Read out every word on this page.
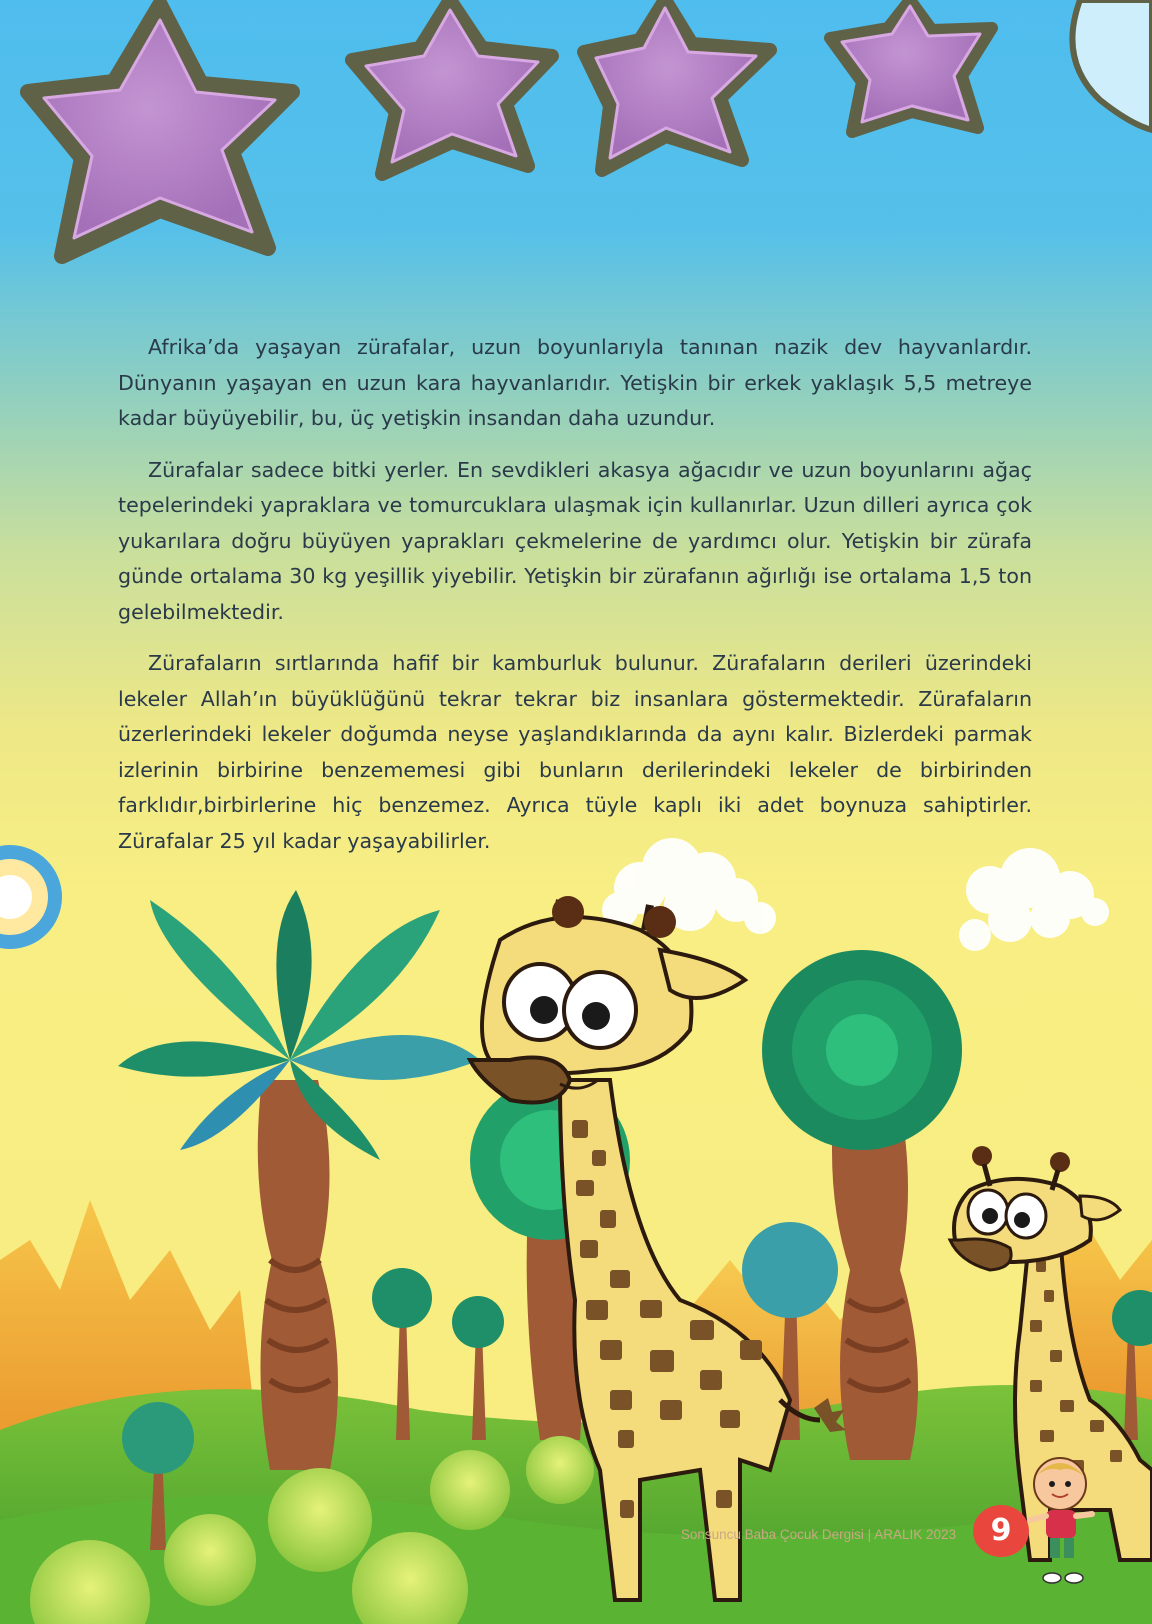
Afrika’da yaşayan zürafalar, uzun boyunlarıyla tanınan nazik dev hayvanlardır. Dünyanın yaşayan en uzun kara hayvanlarıdır. Yetişkin bir erkek yaklaşık 5,5 metreye kadar büyüyebilir, bu, üç yetişkin insandan daha uzundur.

Zürafalar sadece bitki yerler. En sevdikleri akasya ağacıdır ve uzun boyunlarını ağaç tepelerindeki yapraklara ve tomurcuklara ulaşmak için kullanırlar. Uzun dilleri ayrıca çok yukarılara doğru büyüyen yaprakları çekmelerine de yardımcı olur. Yetişkin bir zürafa günde ortalama 30 kg yeşillik yiyebilir. Yetişkin bir zürafanın ağırlığı ise ortalama 1,5 ton gelebilmektedir.

Zürafaların sırtlarında hafif bir kamburluk bulunur. Zürafaların derileri üzerindeki lekeler Allah’ın büyüklüğünü tekrar tekrar biz insanlara göstermektedir. Zürafaların üzerlerindeki lekeler doğumda neyse yaşlandıklarında da aynı kalır. Bizlerdeki parmak izlerinin birbirine benzememesi gibi bunların derilerindeki lekeler de birbirinden farklıdır,birbirlerine hiç benzemez. Ayrıca tüyle kaplı iki adet boynuza sahiptirler. Zürafalar 25 yıl kadar yaşayabilirler.

Sonsuncu Baba Çocuk Dergisi | ARALIK 2023	9
